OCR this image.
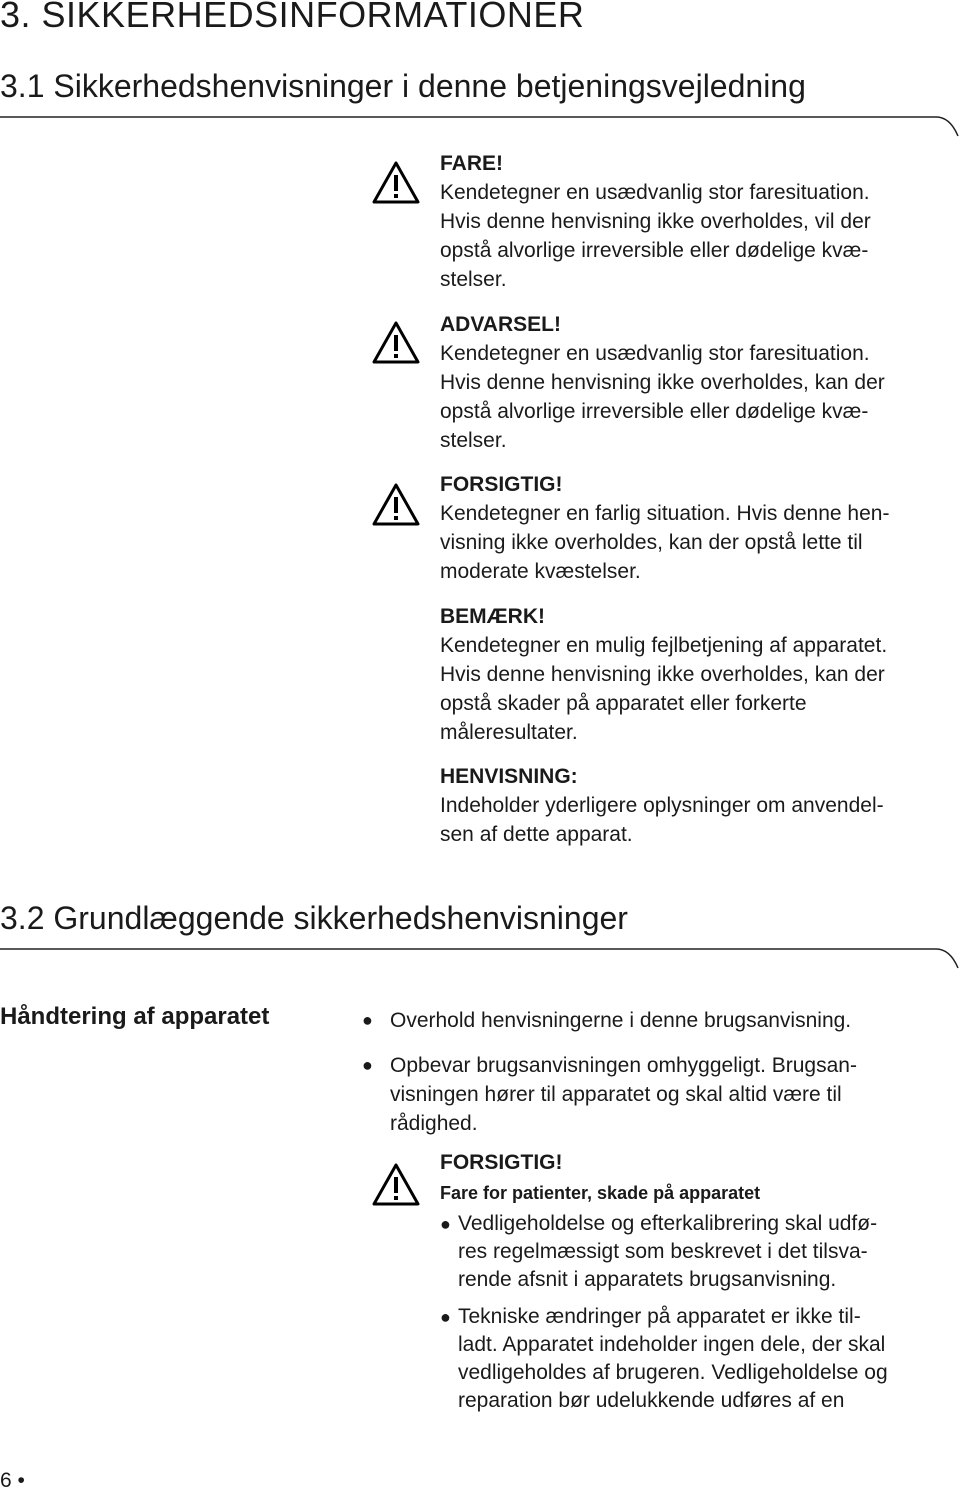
3. SIKKERHEDSINFORMATIONER
3.1 Sikkerhedshenvisninger i denne betjeningsvejledning
FARE!

Kendetegner en usædvanlig stor faresituation.
Hvis denne henvisning ikke overholdes, vil der
opstå alvorlige irreversible eller dødelige kvæ-
stelser.

ADVARSEL!

Kendetegner en usædvanlig stor faresituation.
Hvis denne henvisning ikke overholdes, kan der
opstå alvorlige irreversible eller dødelige kvæ-
stelser.

FORSIGTIG!

Kendetegner en farlig situation. Hvis denne hen-
visning ikke overholdes, kan der opstå lette til
moderate kvæstelser.

BEMÆRK!

Kendetegner en mulig fejlbetjening af apparatet.
Hvis denne henvisning ikke overholdes, kan der
opstå skader på apparatet eller forkerte
måleresultater.

HENVISNING:

Indeholder yderligere oplysninger om anvendel-
sen af dette apparat.

3.2 Grundlæggende sikkerhedshenvisninger
Håndtering af apparatet	● Overhold henvisningerne i denne brugsanvisning.
● Opbevar brugsanvisningen omhyggeligt. Brugsan-
visningen hører til apparatet og skal altid være til
rådighed.
FORSIGTIG!
Fare for patienter, skade på apparatet
● Vedligeholdelse og efterkalibrering skal udfø-
res regelmæssigt som beskrevet i det tilsva-
rende afsnit i apparatets brugsanvisning.
● Tekniske ændringer på apparatet er ikke til-
ladt. Apparatet indeholder ingen dele, der skal
vedligeholdes af brugeren. Vedligeholdelse og
reparation bør udelukkende udføres af en
6 •
